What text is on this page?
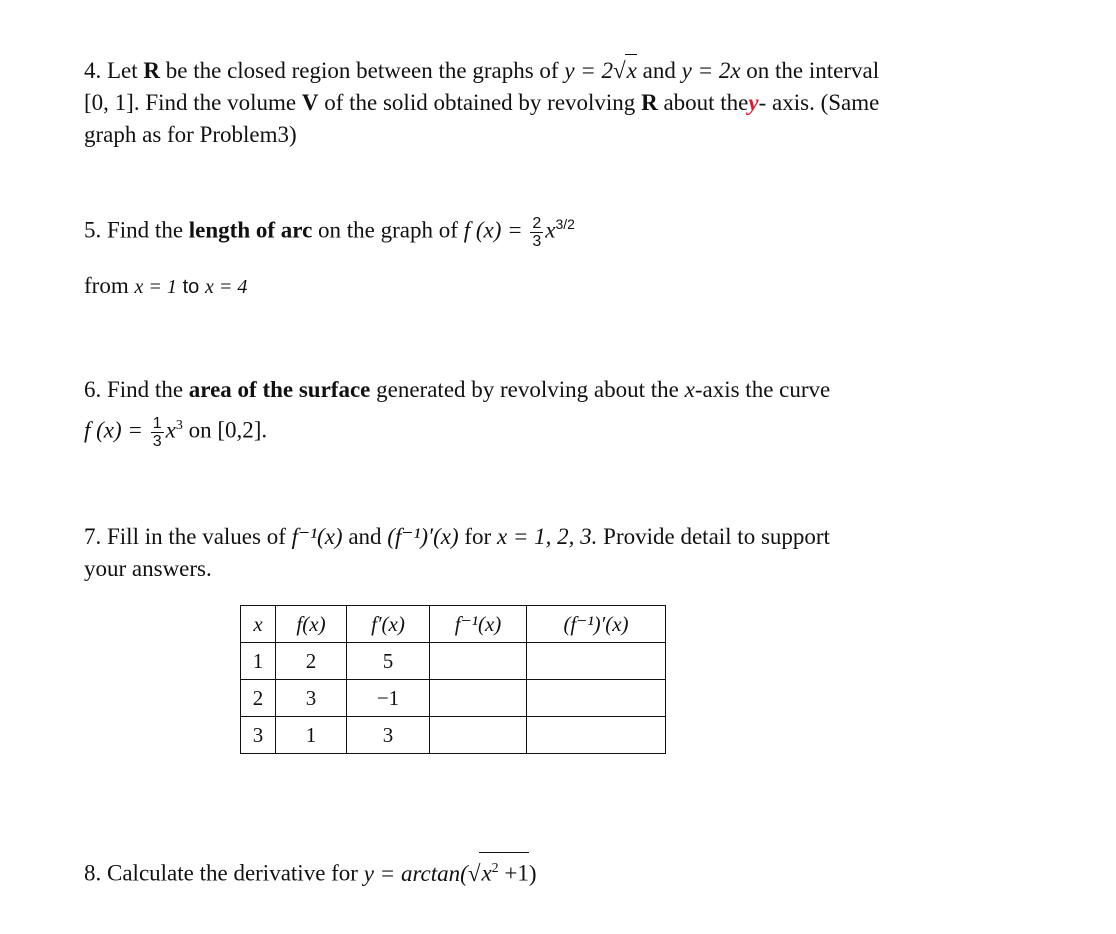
4. Let R be the closed region between the graphs of y = 2√x and y = 2x on the interval
[0, 1]. Find the volume V of the solid obtained by revolving R about they- axis. (Same
graph as for Problem3)
5. Find the length of arc on the graph of f $(x) = \frac{2}{3} x^{3/2}$
from x = 1 to x = 4
6. Find the area of the surface generated by revolving about the x-axis the curve
f $(x) = \frac{1}{3} x^3$ on [0,2].
7. Fill in the values of f⁻¹(x) and (f⁻¹)′(x) for x = 1, 2, 3. Provide detail to support
your answers.
x	f(x)	f′(x)	f⁻¹(x)	(f⁻¹)′(x)
1	2	5		
2	3	−1		
3	1	3		
8. Calculate the derivative for $y = \arctan(√x^2 +1)$
